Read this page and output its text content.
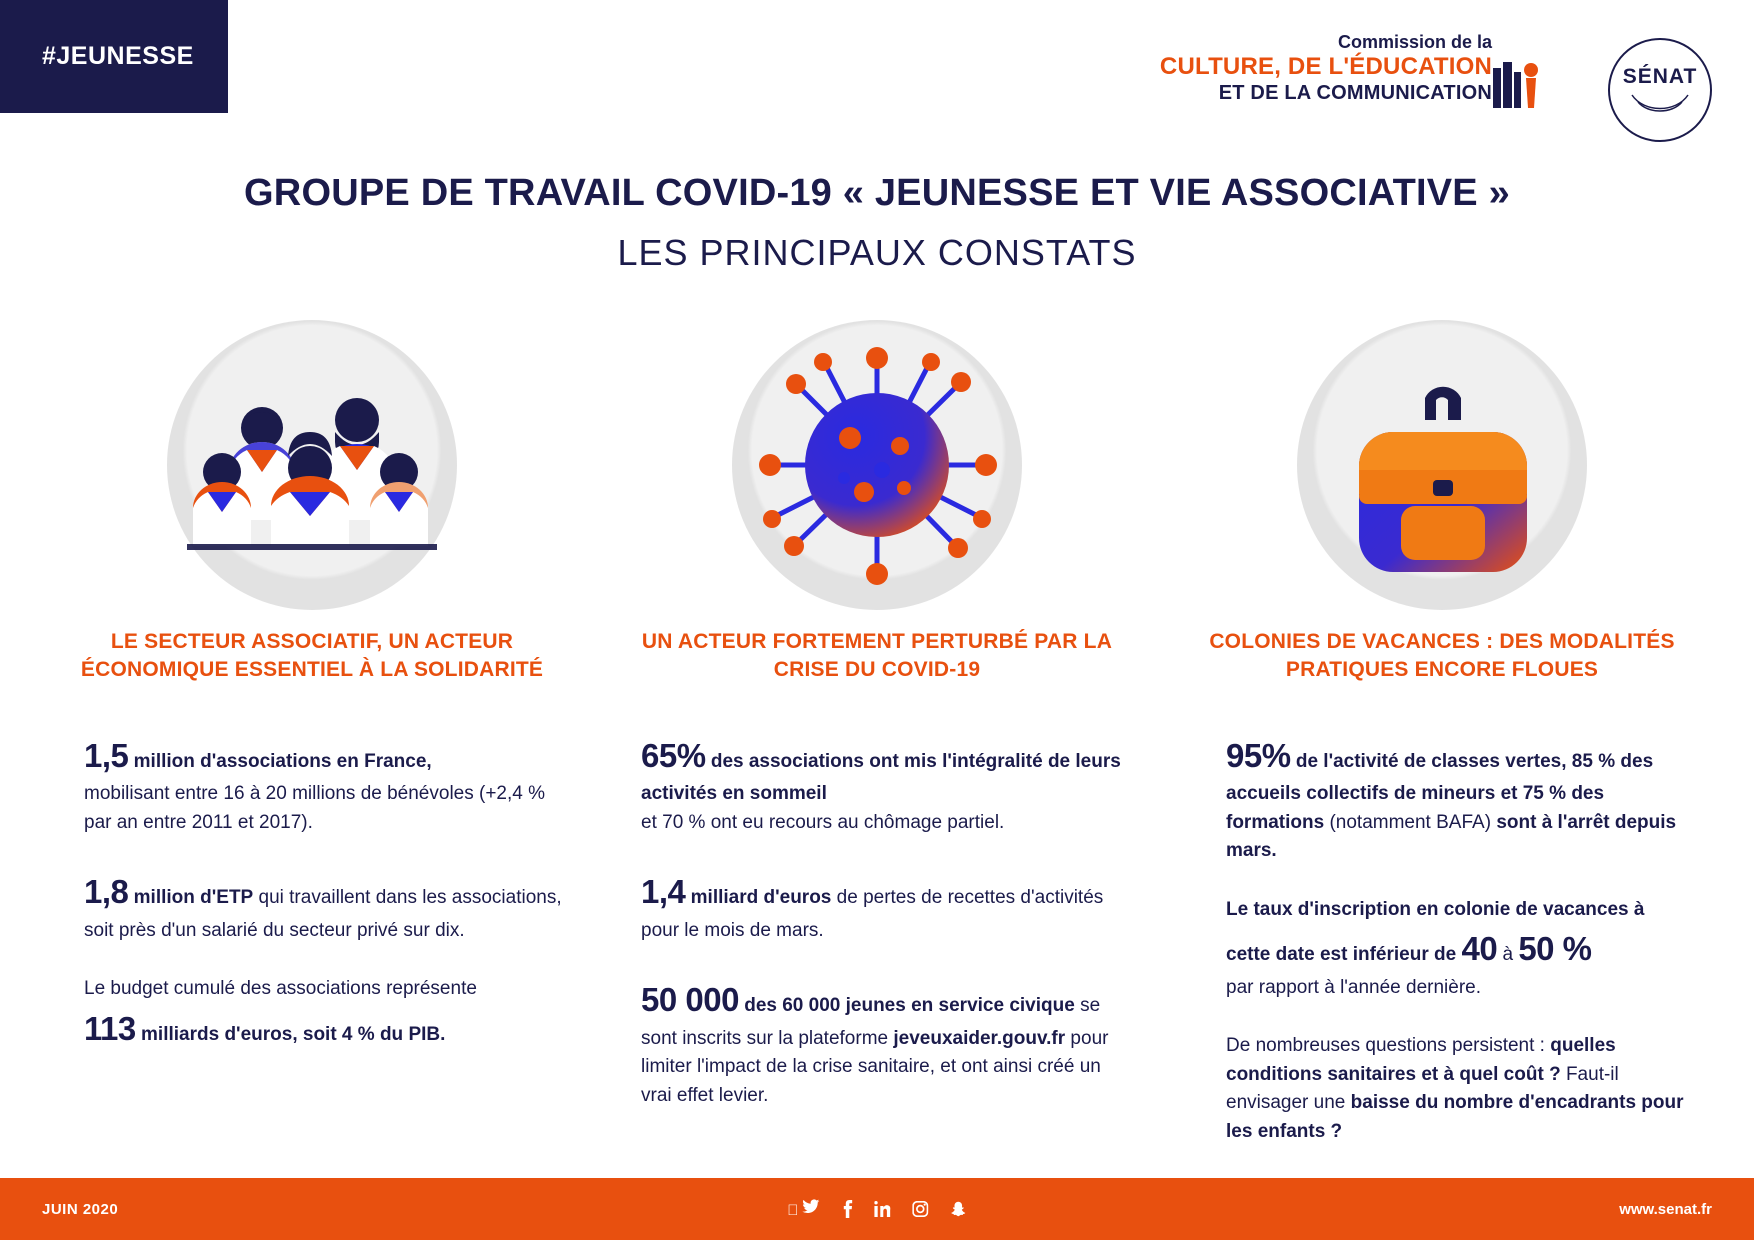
#JEUNESSE	Commission de la
CULTURE, DE L'ÉDUCATION
ET DE LA COMMUNICATION
SÉNAT
GROUPE DE TRAVAIL COVID-19 « JEUNESSE ET VIE ASSOCIATIVE »
LES PRINCIPAUX CONSTATS
LE SECTEUR ASSOCIATIF, UN ACTEUR ÉCONOMIQUE ESSENTIEL À LA SOLIDARITÉ
1,5 million d'associations en France,
mobilisant entre 16 à 20 millions de bénévoles (+2,4 % par an entre 2011 et 2017).
1,8 million d'ETP qui travaillent dans les associations, soit près d'un salarié du secteur privé sur dix.
Le budget cumulé des associations représente
113 milliards d'euros, soit 4 % du PIB.
UN ACTEUR FORTEMENT PERTURBÉ PAR LA CRISE DU COVID-19
65% des associations ont mis l'intégralité de leurs activités en sommeil
et 70 % ont eu recours au chômage partiel.
1,4 milliard d'euros de pertes de recettes d'activités pour le mois de mars.
50 000 des 60 000 jeunes en service civique se sont inscrits sur la plateforme jeveuxaider.gouv.fr pour limiter l'impact de la crise sanitaire, et ont ainsi créé un vrai effet levier.
COLONIES DE VACANCES : DES MODALITÉS PRATIQUES ENCORE FLOUES
95% de l'activité de classes vertes, 85 % des accueils collectifs de mineurs et 75 % des formations (notamment BAFA) sont à l'arrêt depuis mars.
Le taux d'inscription en colonie de vacances à cette date est inférieur de 40 à 50 %
par rapport à l'année dernière.
De nombreuses questions persistent : quelles conditions sanitaires et à quel coût ? Faut-il envisager une baisse du nombre d'encadrants pour les enfants ?
JUIN 2020	www.senat.fr
